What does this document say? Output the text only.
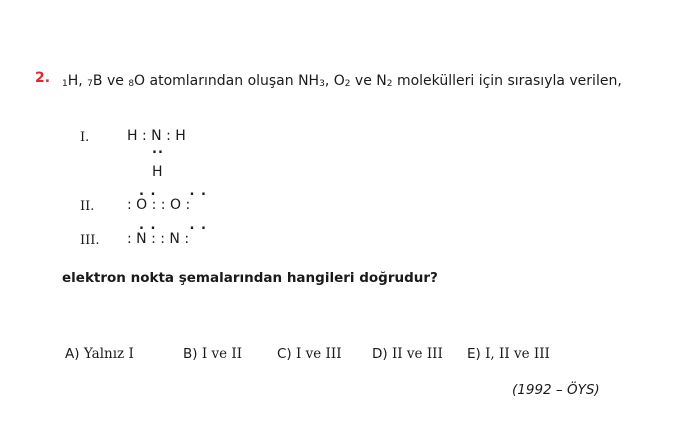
2. 1H, 7B ve 8O atomlarından oluşan $NH_3$, $O_2$ ve $N_2$ molekülleri için sırasıyla verilen,
I.	H : N : H
..
H
II.
. .      . .
: O : : O :
III.
. .      . .
: N : : N :
elektron nokta şemalarından hangileri doğrudur?
A) Yalnız I	B) I ve II	C) I ve III D) II ve III E) I, II ve III
(1992 – ÖYS)
